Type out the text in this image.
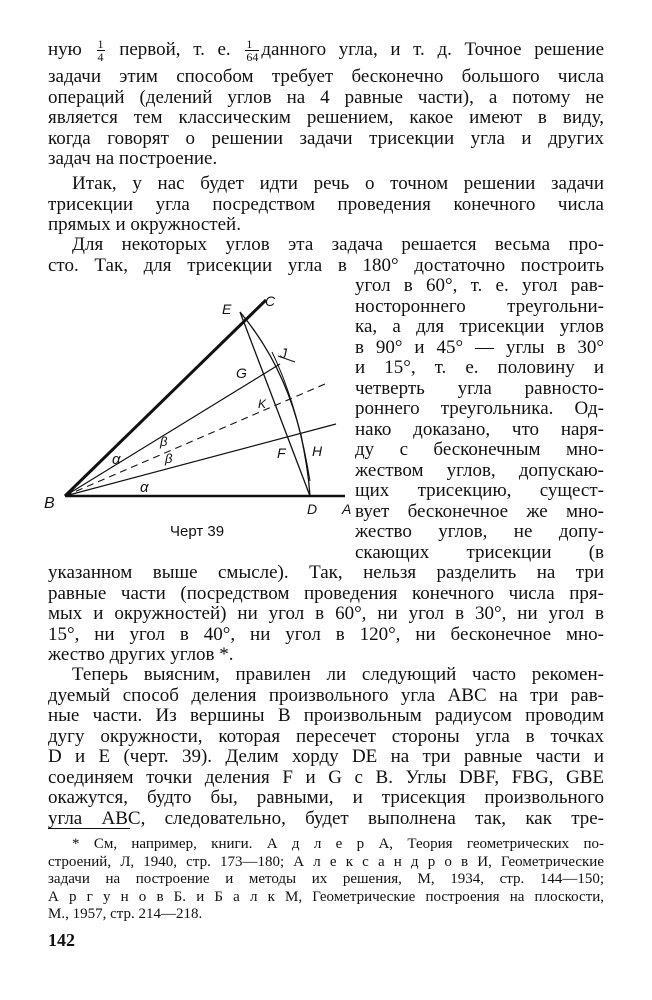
ную $\frac{1}{4}$ первой, т. е. $\frac{1}{64}$ данного угла, и т. д. Точное решение
задачи этим способом требует бесконечно большого числа
операций (делений углов на 4 равные части), а потому не
является тем классическим решением, какое имеют в виду,
когда говорят о решении задачи трисекции угла и других
задач на построение.
Итак, у нас будет идти речь о точном решении задачи
трисекции угла посредством проведения конечного числа
прямых и окружностей.
Для некоторых углов эта задача решается весьма про-
сто. Так, для трисекции угла в 180° достаточно построить
угол в 60°, т. е. угол рав-
ностороннего треугольни-
ка, а для трисекции углов
в 90° и 45° — углы в 30°
и 15°, т. е. половину и
четверть угла равносто-
роннего треугольника. Од-
нако доказано, что наря-
ду с бесконечным мно-
жеством углов, допускаю-
щих трисекцию, сущест-
вует бесконечное же мно-
жество углов, не допу-
скающих трисекции (в
E C
B	D A
G
J
K
F H
α
β
β
α
Черт 39
указанном выше смысле). Так, нельзя разделить на три
равные части (посредством проведения конечного числа пря-
мых и окружностей) ни угол в 60°, ни угол в 30°, ни угол в
15°, ни угол в 40°, ни угол в 120°, ни бесконечное мно-
жество других углов *.
Теперь выясним, правилен ли следующий часто рекомен-
дуемый способ деления произвольного угла ABC на три рав-
ные части. Из вершины B произвольным радиусом проводим
дугу окружности, которая пересечет стороны угла в точках
D и E (черт. 39). Делим хорду DE на три равные части и
соединяем точки деления F и G с B. Углы DBF, FBG, GBE
окажутся, будто бы, равными, и трисекция произвольного
угла ABC, следовательно, будет выполнена так, как тре-
* См, например, книги. А д л е р А, Теория геометрических по-
строений, Л, 1940, стр. 173—180; А л е к с а н д р о в И, Геометрические
задачи на построение и методы их решения, М, 1934, стр. 144—150;
А р г у н о в Б. и Б а л к М, Геометрические построения на плоскости,
М., 1957, стр. 214—218.
142
